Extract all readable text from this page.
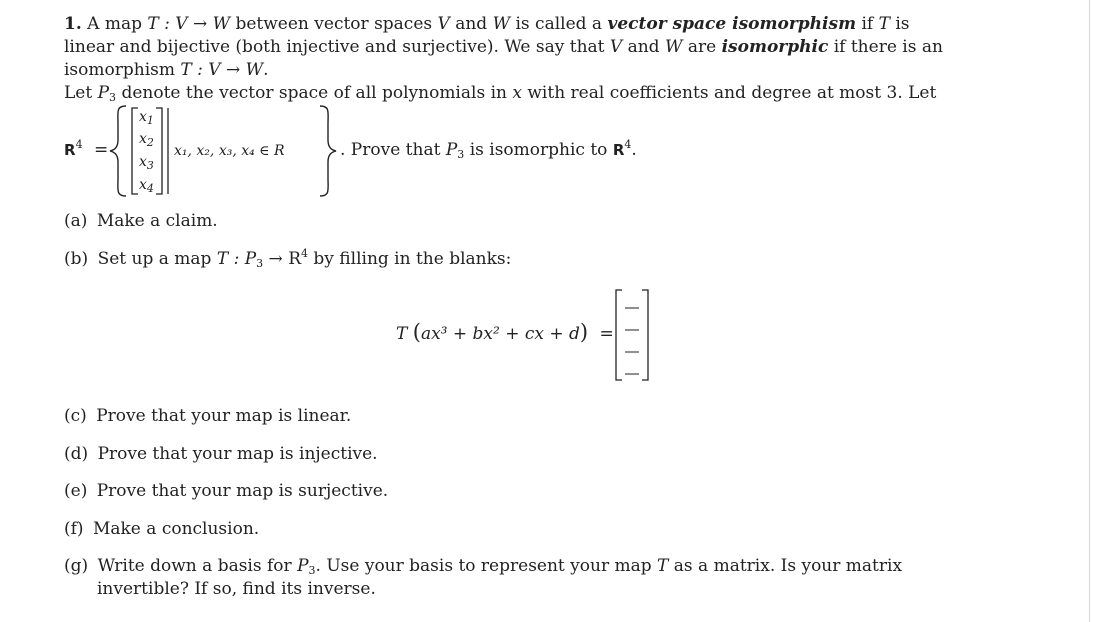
1. A map T : V → W between vector spaces V and W is called a vector space isomorphism if T is
linear and bijective (both injective and surjective). We say that V and W are isomorphic if there is an
isomorphism T : V → W.
Let $P_3$ denote the vector space of all polynomials in x with real coefficients and degree at most 3. Let
$R^4$ =
$x_1$
$x_2$
$x_3$
$x_4$
x₁, x₂, x₃, x₄ ∈ R	. Prove that $P_3$ is isomorphic to $R^4$.
(a) Make a claim.
(b) Set up a map T : $P_3 \to R^4$ by filling in the blanks:
T (ax³ + bx² + cx + d) =
(c) Prove that your map is linear.
(d) Prove that your map is injective.
(e) Prove that your map is surjective.
(f) Make a conclusion.
(g) Write down a basis for $P_3$. Use your basis to represent your map T as a matrix. Is your matrix
invertible? If so, find its inverse.
